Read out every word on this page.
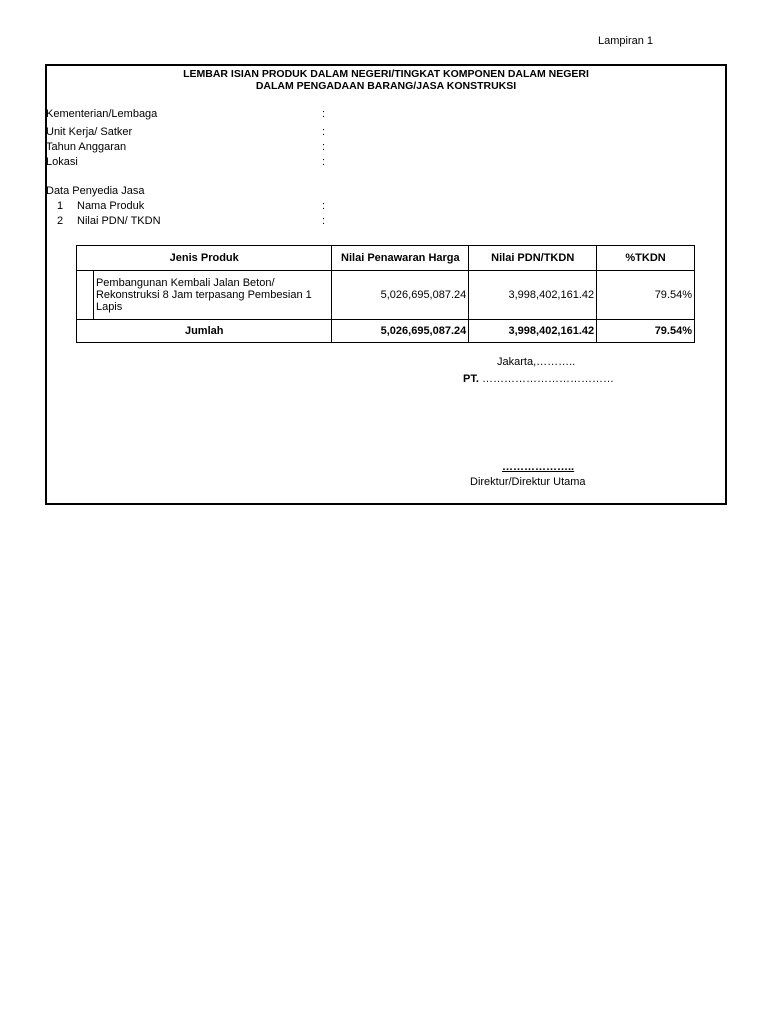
Lampiran 1
LEMBAR ISIAN PRODUK DALAM NEGERI/TINGKAT KOMPONEN DALAM NEGERI
DALAM PENGADAAN BARANG/JASA KONSTRUKSI
Kementerian/Lembaga	:
Unit Kerja/ Satker	:
Tahun Anggaran	:
Lokasi	:
Data Penyedia Jasa
1 Nama Produk	:
2 Nilai PDN/ TKDN	:
Jenis Produk		Nilai Penawaran Harga	Nilai PDN/TKDN	%TKDN
	Pembangunan Kembali Jalan Beton/ Rekonstruksi 8 Jam terpasang Pembesian 1 Lapis	5,026,695,087.24	3,998,402,161.42	79.54%
Jumlah		5,026,695,087.24	3,998,402,161.42	79.54%
Jakarta,………..
PT. ………………………………
………………..
Direktur/Direktur Utama
